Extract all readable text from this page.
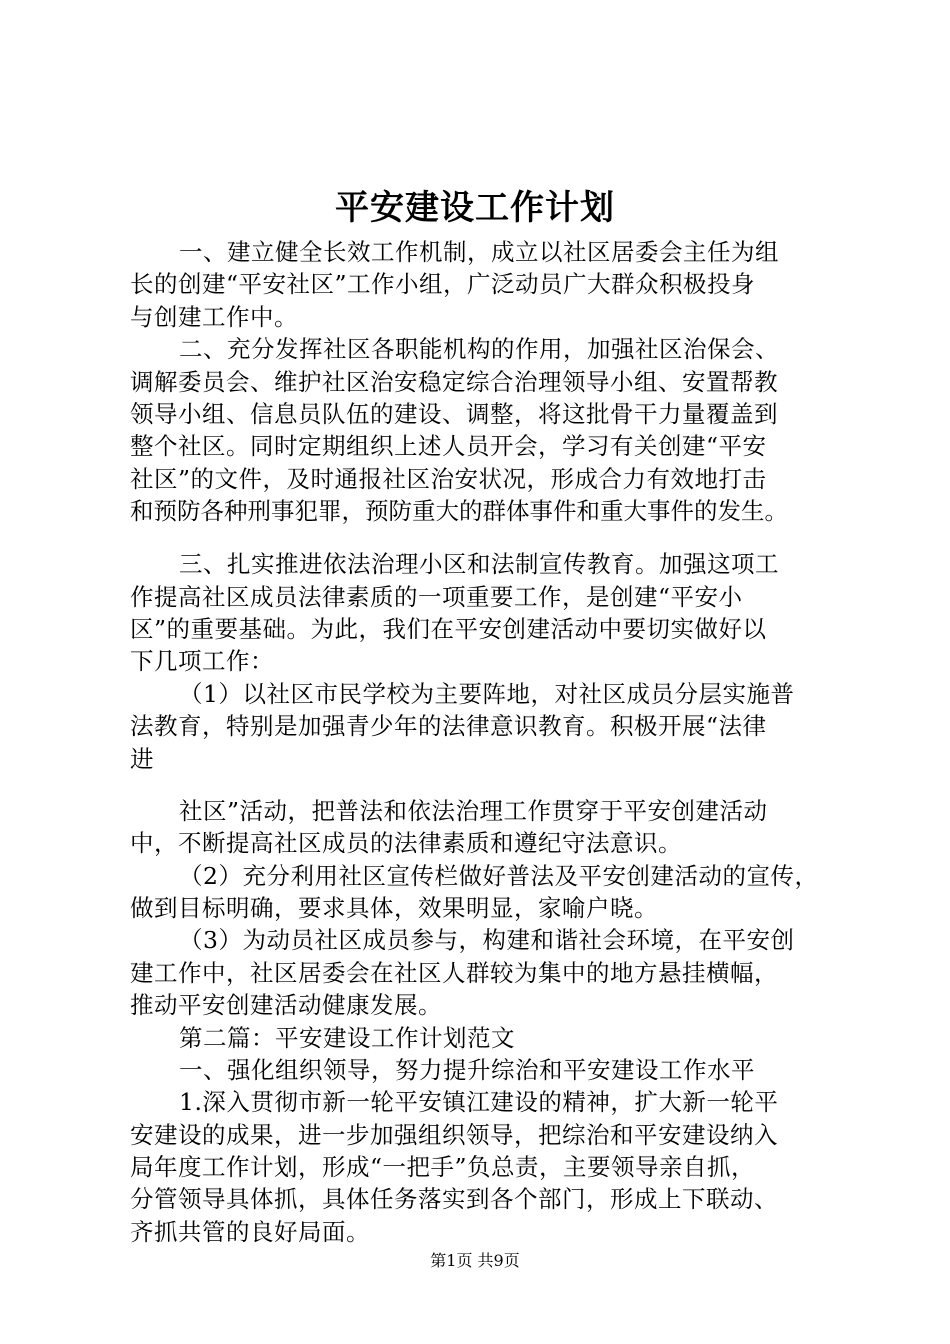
平安建设工作计划
一、建立健全长效工作机制，成立以社区居委会主任为组
长的创建“平安社区”工作小组，广泛动员广大群众积极投身
与创建工作中。
二、充分发挥社区各职能机构的作用，加强社区治保会、
调解委员会、维护社区治安稳定综合治理领导小组、安置帮教
领导小组、信息员队伍的建设、调整，将这批骨干力量覆盖到
整个社区。同时定期组织上述人员开会，学习有关创建“平安
社区”的文件，及时通报社区治安状况，形成合力有效地打击
和预防各种刑事犯罪，预防重大的群体事件和重大事件的发生。
三、扎实推进依法治理小区和法制宣传教育。加强这项工
作提高社区成员法律素质的一项重要工作，是创建“平安小
区”的重要基础。为此，我们在平安创建活动中要切实做好以
下几项工作：
（1）以社区市民学校为主要阵地，对社区成员分层实施普
法教育，特别是加强青少年的法律意识教育。积极开展“法律
进
社区”活动，把普法和依法治理工作贯穿于平安创建活动
中，不断提高社区成员的法律素质和遵纪守法意识。
（2）充分利用社区宣传栏做好普法及平安创建活动的宣传，
做到目标明确，要求具体，效果明显，家喻户晓。
（3）为动员社区成员参与，构建和谐社会环境，在平安创
建工作中，社区居委会在社区人群较为集中的地方悬挂横幅，
推动平安创建活动健康发展。
第二篇：平安建设工作计划范文
一、强化组织领导，努力提升综治和平安建设工作水平
1.深入贯彻市新一轮平安镇江建设的精神，扩大新一轮平
安建设的成果，进一步加强组织领导，把综治和平安建设纳入
局年度工作计划，形成“一把手”负总责，主要领导亲自抓，
第1页 共9页
分管领导具体抓，具体任务落实到各个部门，形成上下联动、
齐抓共管的良好局面。
